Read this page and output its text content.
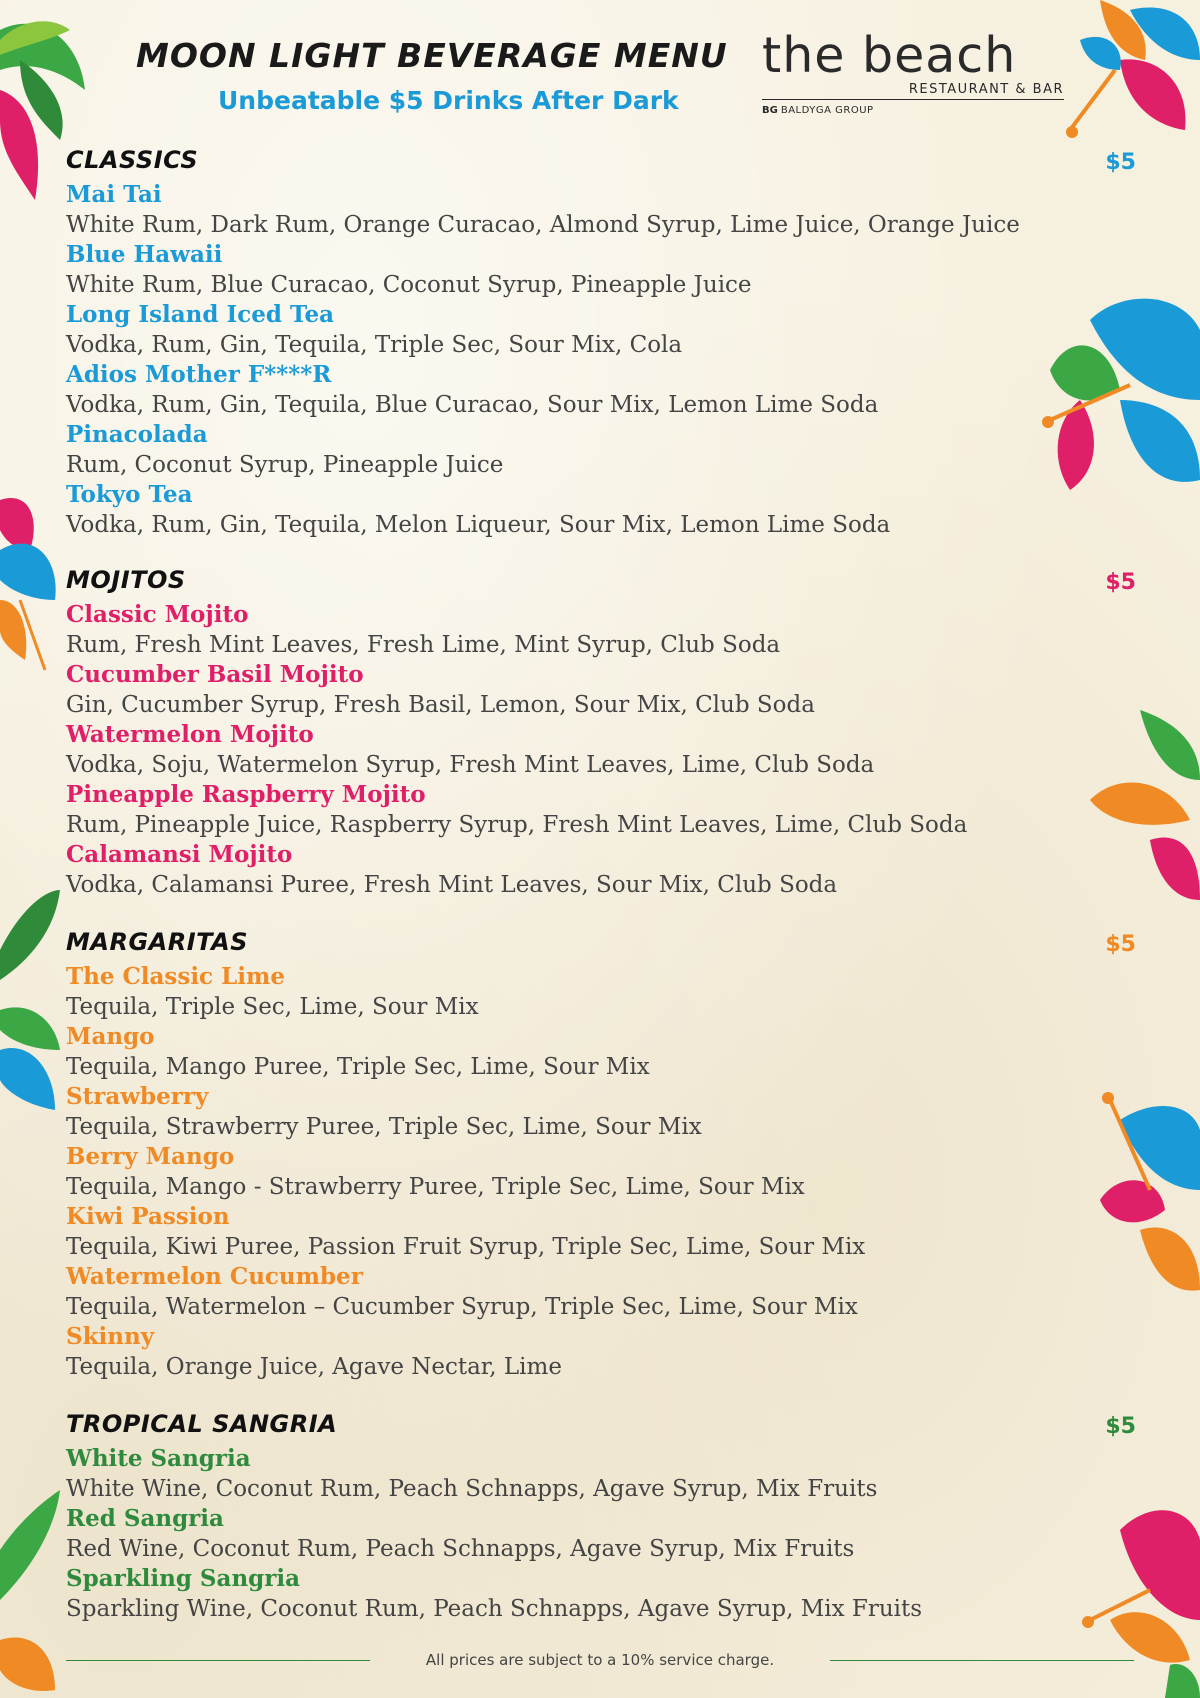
MOON LIGHT BEVERAGE MENU
Unbeatable $5 Drinks After Dark
the beach
RESTAURANT & BAR
BG BALDYGA GROUP
CLASSICS	$5
Mai Tai
White Rum, Dark Rum, Orange Curacao, Almond Syrup, Lime Juice, Orange Juice
Blue Hawaii
White Rum, Blue Curacao, Coconut Syrup, Pineapple Juice
Long Island Iced Tea
Vodka, Rum, Gin, Tequila, Triple Sec, Sour Mix, Cola
Adios Mother F****R
Vodka, Rum, Gin, Tequila, Blue Curacao, Sour Mix, Lemon Lime Soda
Pinacolada
Rum, Coconut Syrup, Pineapple Juice
Tokyo Tea
Vodka, Rum, Gin, Tequila, Melon Liqueur, Sour Mix, Lemon Lime Soda
MOJITOS	$5
Classic Mojito
Rum, Fresh Mint Leaves, Fresh Lime, Mint Syrup, Club Soda
Cucumber Basil Mojito
Gin, Cucumber Syrup, Fresh Basil, Lemon, Sour Mix, Club Soda
Watermelon Mojito
Vodka, Soju, Watermelon Syrup, Fresh Mint Leaves, Lime, Club Soda
Pineapple Raspberry Mojito
Rum, Pineapple Juice, Raspberry Syrup, Fresh Mint Leaves, Lime, Club Soda
Calamansi Mojito
Vodka, Calamansi Puree, Fresh Mint Leaves, Sour Mix, Club Soda
MARGARITAS	$5
The Classic Lime
Tequila, Triple Sec, Lime, Sour Mix
Mango
Tequila, Mango Puree, Triple Sec, Lime, Sour Mix
Strawberry
Tequila, Strawberry Puree, Triple Sec, Lime, Sour Mix
Berry Mango
Tequila, Mango - Strawberry Puree, Triple Sec, Lime, Sour Mix
Kiwi Passion
Tequila, Kiwi Puree, Passion Fruit Syrup, Triple Sec, Lime, Sour Mix
Watermelon Cucumber
Tequila, Watermelon – Cucumber Syrup, Triple Sec, Lime, Sour Mix
Skinny
Tequila, Orange Juice, Agave Nectar, Lime
TROPICAL SANGRIA	$5
White Sangria
White Wine, Coconut Rum, Peach Schnapps, Agave Syrup, Mix Fruits
Red Sangria
Red Wine, Coconut Rum, Peach Schnapps, Agave Syrup, Mix Fruits
Sparkling Sangria
Sparkling Wine, Coconut Rum, Peach Schnapps, Agave Syrup, Mix Fruits
All prices are subject to a 10% service charge.
